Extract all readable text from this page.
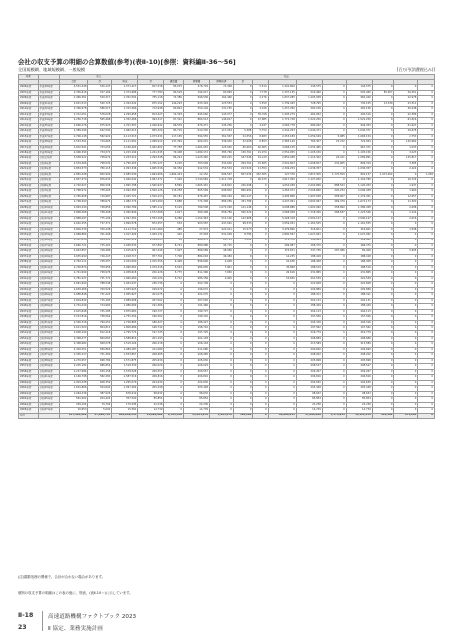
会社の収支予算の明細の合算数値(参考)(表Ⅱ-10)[参照：資料編Ⅱ-36～56]
全国規模網、地域規模網、一般規模	[百万円(消費税込み)]
年度		収入			支出												
		合計	計	料金	計	建設費	管理費	債務返済	計								
2006年度	平成18年度	2,531,548	530,147	1,371,217	817,318	83,075	276,729	72,348	0	5,514	1,341,800	144,575	0	144,575	0	0	0
2007年度	平成19年度	2,336,616	527,164	1,374,986	777,780	80,529	194,017	83,899	0	7,778	1,337,135	520,460	0	520,460	85,957	26,451	0
2008年度	平成20年度	2,466,361	529,317	1,352,504	755,118	72,380	696,536	164,460	0	2,276	1,637,285	1,205,938	0	982,040	0	22,978	0
2009年度	平成21年度	2,631,513	540,725	1,344,442	675,152	140,293	633,324	123,553	0	5,550	1,739,425	728,795	0	730,155	13,339	23,311	0
2010年度	平成22年度	2,396,678	586,517	1,315,566	712,948	60,824	550,104	131,155	0	4,326	1,257,290	262,156	0	262,156	0	46,448	0
2011年度	平成23年度	2,312,051	578,028	1,295,658	813,427	72,393	695,040	143,077	0	35,318	1,445,279	462,952	0	402,510	0	22,389	0
2012年度	平成24年度	2,256,718	565,468	1,352,466	994,317	67,322	864,513	146,817	0	47,685	1,772,748	1,522,250	0	1,522,250	0	61,616	0
2013年度	平成25年度	2,696,276	675,923	1,701,507	1,046,942	66,539	876,471	145,256	0	4,037	2,065,778	980,262	0	949,353	0	61,927	0
2014年度	平成26年度	2,389,396	622,590	1,962,513	855,320	83,719	610,335	217,934	5,368	5,754	2,242,253	1,040,371	0	1,040,371	0	29,678	0
2015年度	平成27年度	2,796,148	582,922	2,113,513	1,073,231	117,165	594,555	361,567	21,556	8,683	2,253,189	1,059,169	5,985	1,065,154	0	2,753	0
2016年度	平成28年度	2,533,391	719,665	2,111,501	1,068,912	147,349	609,221	336,002	32,298	6,853	2,383,149	765,307	25,742	724,954	0	140,962	0
2017年度	平成29年度	2,632,591	723,054	2,166,404	1,061,602	77,758	1,461,035	125,020	60,460	40,605	3,066,125	1,032,465	0	967,371	0	1,033	0
2018年度	平成30年度	2,906,390	734,572	2,223,199	1,241,545	79,408	1,089,172	385,769	136,761	21,974	2,552,955	1,105,150	0	1,105,150	0	3,223	0
2019年度	令和元年度	3,038,522	758,674	2,253,212	1,294,348	84,224	1,225,490	363,201	167,546	19,129	2,852,948	1,114,302	24,411	1,089,891	0	145,817	0
2020年度	令和2年度	2,534,466	798,532	1,790,203	1,705,127	5,216	763,599	332,630	259,761	15,825	2,501,603	1,008,817	232,905	809,319	0	3,385	0
2021年度	令和3年度	2,854,573	780,115	2,093,346	1,665,516	94,356	912,534	352,534	213,520	11,554	2,349,254	1,036,357	0	1,036,357	0	2,222	0
2022年度	令和4年度	2,881,448	800,904	2,085,540	1,664,606	1,662,443	12,152	696,597	827,039	467,505	127,376	2,813,305	1,775,559	802,157	1,973,402	0	1,038
2023年度	令和5年度	2,837,470	876,634	1,940,042	1,667,371	7,429	1,740,569	1,211,718	0	26,470	2,617,050	1,127,000	0	1,104,780	0	16,724	0
2024年度	令和6年度	2,702,627	806,508	1,895,788	1,560,937	8,869	1,665,432	218,822	240,498	0	4,054,038	2,202,896	888,523	1,120,453	0	1,947	0
2025年度	令和7年度	2,768,972	738,265	2,090,383	1,509,126	115,258	805,599	698,802	866,990	0	4,363,971	2,506,666	220,234	2,096,458	0	1,960	0
2026年度	令和8年度	2,765,608	719,987	2,045,721	1,520,413	82,181	976,467	684,294	602,127	0	4,495,866	1,907,638	558,007	1,179,451	0	12,057	0
2027年度	令和9年度	2,798,390	788,672	1,982,774	1,653,069	5,888	774,348	889,056	331,789	0	4,247,061	2,603,997	469,479	1,672,173	0	11,300	0
2028年度	令和10年度	2,893,240	748,856	2,090,789	1,585,112	5,129	789,508	1,072,198	121,148	0	4,098,886	1,601,090	258,890	1,386,458	0	2,098	0
2029年度	令和11年度	2,898,468	758,408	2,090,849	1,572,568	1,627	380,408	658,789	506,320	0	4,568,058	1,718,390	568,187	1,123,546	0	2,124	0
2030年度	令和12年度	2,868,497	775,106	2,097,391	1,553,106	6,286	1,152,363	514,100	122,968	0	5,228,318	2,500,127	0	2,500,127	0	2,016	0
2031年度	令和13年度	2,620,255	737,371	1,899,578	874,357	534	903,587	447,061	98,333	0	3,559,051	1,161,555	0	1,161,555	0	0	0
2032年度	令和14年度	2,809,339	700,448	2,111,719	1,011,460	480	27,974	922,011	15,573	0	3,476,890	316,601	0	316,601	0	1,548	0
2033年度	令和15年度	2,668,884	761,496	1,917,409	1,009,131	420	37,918	931,009	8,784	0	2,800,597	1,027,061	0	1,027,061	0	0	0
2034年度	令和16年度	2,567,830	654,521	1,922,319	1,018,813	10	988,471	24,715	1,584	0	372,576	199,961	0	199,961	0	0	0
2035年度	令和17年度	2,660,721	715,161	1,936,533	977,897	8,741	889,986	44,715	0	0	299,987	166,370	0	166,370	0	0	0
2036年度	令和18年度	2,643,857	728,486	1,915,670	907,449	7,907	889,589	48,956	0	0	374,871	347,736	287,486	89,406	0	5,995	0
2037年度	令和19年度	2,635,990	716,247	1,918,717	877,761	7,706	884,018	46,484	0	0	14,235	188,418	0	188,418	0	0	0
2038年度	令和20年度	2,763,111	728,257	2,044,500	1,015,356	6,408	896,606	4,048	0	0	22,636	188,408	0	188,408	0	0	0
2039年度	令和21年度	2,726,870	709,956	2,066,561	1,079,316	4,504	984,695	7,901	0	0	35,868	188,519	0	188,519	0	0	0
2040年度	令和22年度	2,741,999	728,976	2,058,618	200,226	5,775	811,396	7,656	0	0	26,616	231,865	0	231,865	0	0	0
2041年度	令和23年度	2,781,227	731,772	1,969,460	216,124	5,712	985,156	2,000	0	0	15,650	201,539	0	201,539	0	0	0
2042年度	令和24年度	2,661,990	788,548	1,944,437	236,736	0	202,709	0	0	0	0	222,608	0	222,608	0	0	0
2043年度	令和25年度	2,639,466	709,526	1,939,923	199,072	0	199,072	0	0	0	0	209,889	0	209,889	0	0	0
2044年度	令和26年度	2,686,848	731,222	1,955,627	201,075	0	201,075	0	0	0	0	188,411	0	188,411	0	0	0
2045年度	令和27年度	2,604,840	715,183	1,889,658	207,002	0	207,002	0	0	0	0	202,131	0	202,131	0	0	0
2046年度	令和28年度	2,701,049	714,980	1,986,069	191,466	0	191,466	0	0	0	0	188,449	0	188,449	0	0	0
2047年度	令和29年度	2,615,848	745,185	1,870,663	199,727	0	199,727	0	0	0	0	204,113	0	204,113	0	0	0
2048年度	令和30年度	2,513,816	758,562	1,755,254	196,302	0	196,302	0	0	0	0	197,506	0	197,506	0	0	0
2049年度	令和31年度	2,526,316	799,451	1,726,865	186,427	0	186,427	0	0	0	0	204,316	0	204,316	0	0	0
2050年度	令和32年度	2,611,500	804,811	1,806,689	196,742	0	196,742	0	0	0	0	197,562	0	197,562	0	0	0
2051年度	令和33年度	2,608,190	812,416	1,795,774	197,725	0	197,725	0	0	0	0	216,779	0	216,779	0	0	0
2052年度	令和34年度	2,398,477	809,663	1,588,814	201,193	0	201,193	0	0	0	0	208,689	0	208,689	0	0	0
2053年度	令和35年度	2,368,682	849,578	1,519,104	206,118	0	206,118	0	0	0	0	213,589	0	213,589	0	0	0
2054年度	令和36年度	2,320,051	830,864	1,489,187	211,080	0	211,080	0	0	0	0	209,690	0	209,690	0	0	0
2055年度	令和37年度	2,305,217	751,360	1,553,857	208,465	0	208,465	0	0	0	0	208,202	0	208,202	0	0	0
2056年度	令和38年度	2,270,657	698,782	1,571,875	205,630	0	205,630	0	0	0	0	205,698	0	205,698	0	0	0
2057年度	令和39年度	2,205,184	686,854	1,518,330	206,029	0	206,029	0	0	0	0	208,527	0	208,527	0	0	0
2058年度	令和40年度	2,217,686	639,158	1,578,528	209,557	0	209,557	0	0	0	0	209,267	0	209,267	0	0	0
2059年度	令和41年度	2,169,798	582,282	1,587,516	206,816	0	206,816	0	0	0	0	206,816	0	206,816	0	0	0
2060年度	令和42年度	1,903,438	608,359	1,295,079	204,630	0	204,630	0	0	0	0	204,630	0	204,630	0	0	0
2061年度	令和43年度	1,601,866	504,602	1,097,264	205,448	0	205,448	0	0	0	0	205,448	0	205,448	0	0	0
2062年度	令和44年度	1,064,436	387,526	676,910	98,632	0	98,632	0	0	0	0	98,632	0	98,632	0	0	0
2063年度	令和45年度	561,902	204,402	357,500	85,854	0	85,854	0	0	0	0	85,854	0	85,854	0	0	0
2064年度	令和46年度	259,164	79,769	179,395	22,236	0	22,236	0	0	0	0	22,236	0	22,236	0	0	0
2065年度	令和47年度	20,653	5,092	15,561	14,739	0	14,739	0	0	0	0	14,739	0	14,739	0	0	0
合計		147,464,922	37,816,787	109,648,135	41,092,882	2,795,346	33,425,970	4,305,276	562,290	0	81,888,253	37,096,268	3,574,914	33,521,354	114,402	674,204	0
(注)端数処理の関係で、合計が合わない場合があります。
個別の収支予算の明細はこの表の他に、別表、(表Ⅱ-10～)に示しています。
Ⅱ-18
23
高速道路機構ファクトブック 2023
Ⅱ 協定、業務実施計画
